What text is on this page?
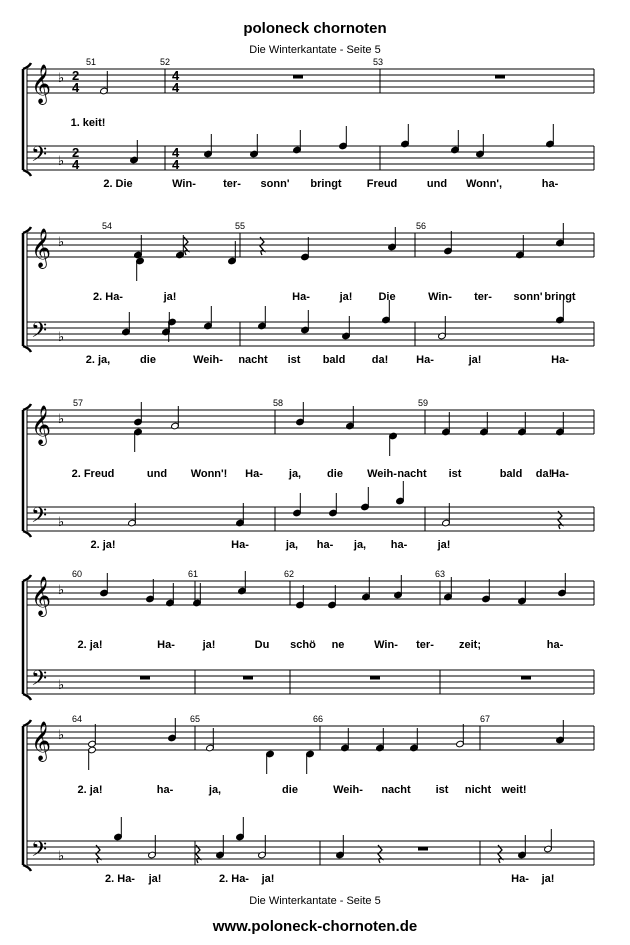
𝄞
𝄢
♭
♭
2
4
2
4
4
4
4
4
𝄞
𝄢
♭
♭
𝄞
𝄢
♭
♭
𝄞
𝄢
♭
♭
𝄞
𝄢
♭
♭
poloneck chornoten
Die Winterkantate - Seite 5
Die Winterkantate - Seite 5
www.poloneck-chornoten.de
51	52	53
1. keit!
2. Die	Win- ter- sonn' bringt Freud	und Wonn',	ha-
54	55	56
2. Ha-	ja!	Ha-	ja! Die	Win- ter- sonn' bringt
2. ja,	die	Weih- nacht ist bald da!	Ha-	ja!	Ha-
57	58	59
2. Freud	und Wonn'! Ha- ja, die Weih- nacht ist	bald da!
Ha-
2. ja!	Ha-	ja, ha- ja, ha-	ja!
60	61	62	63
2. ja!	Ha-	ja!	Du schö ne	Win- ter- zeit;	ha-
64	65	66	67
2. ja!	ha-	ja,	die	Weih- nacht ist nicht weit!
2. Ha- ja!	2. Ha- ja!	Ha- ja!
